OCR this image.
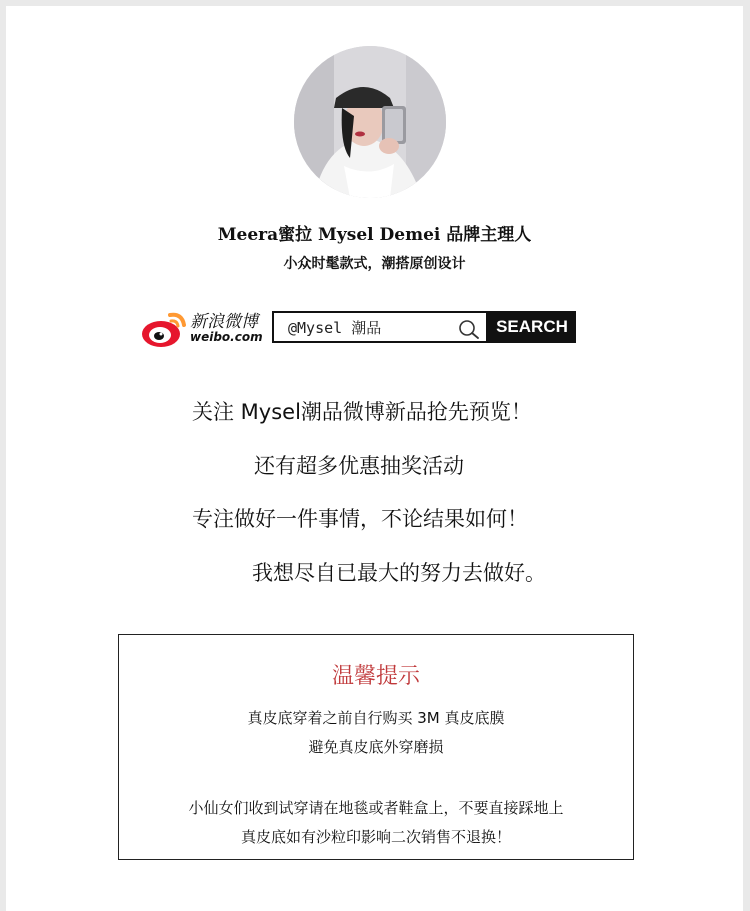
Meera蜜拉 Mysel Demei 品牌主理人
小众时髦款式，潮搭原创设计
新浪微博
weibo.com @Mysel 潮品	SEARCH
关注 Mysel潮品微博新品抢先预览！
还有超多优惠抽奖活动
专注做好一件事情，不论结果如何！
我想尽自已最大的努力去做好。
温馨提示
真皮底穿着之前自行购买 3M 真皮底膜
避免真皮底外穿磨损
小仙女们收到试穿请在地毯或者鞋盒上，不要直接踩地上
真皮底如有沙粒印影响二次销售不退换！
